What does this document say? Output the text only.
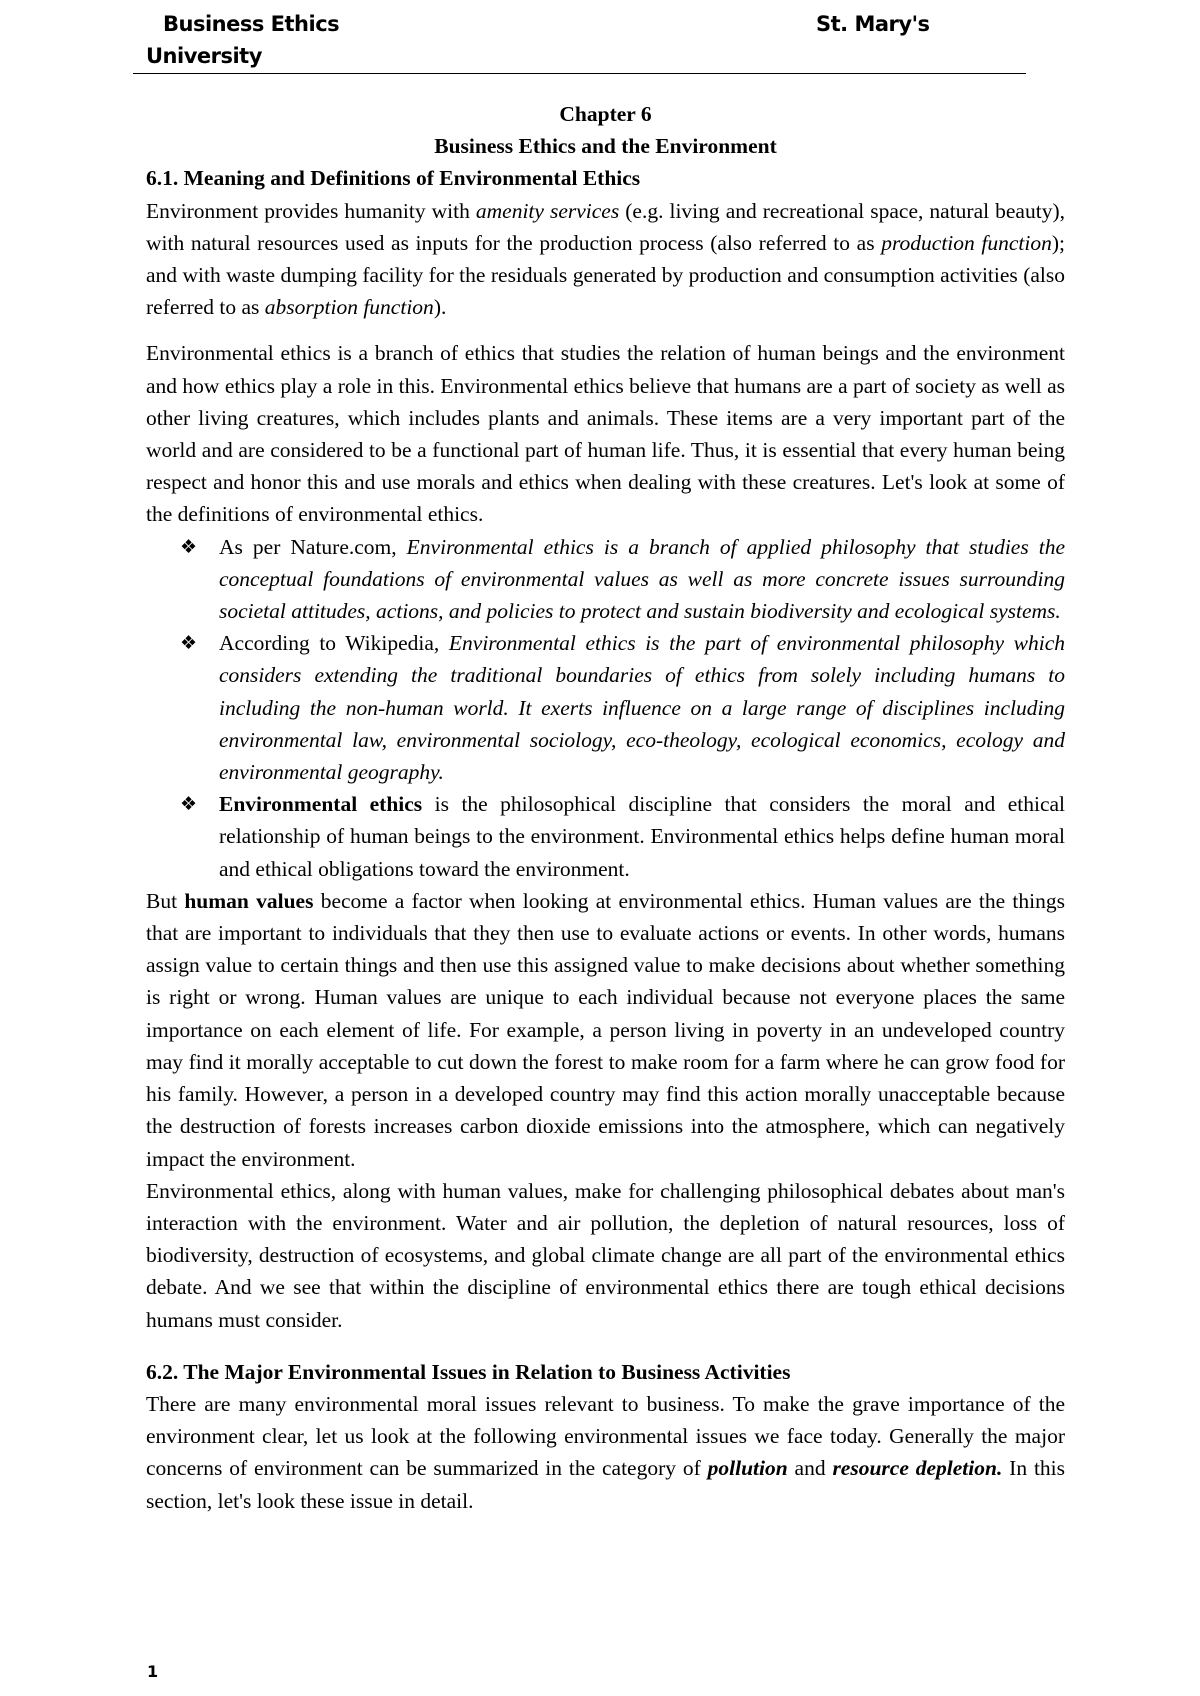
Business Ethics	St. Mary's
University
Chapter 6
Business Ethics and the Environment
6.1. Meaning and Definitions of Environmental Ethics

Environment provides humanity with amenity services (e.g. living and recreational space, natural beauty), with natural resources used as inputs for the production process (also referred to as production function); and with waste dumping facility for the residuals generated by production and consumption activities (also referred to as absorption function).

Environmental ethics is a branch of ethics that studies the relation of human beings and the environment and how ethics play a role in this. Environmental ethics believe that humans are a part of society as well as other living creatures, which includes plants and animals. These items are a very important part of the world and are considered to be a functional part of human life. Thus, it is essential that every human being respect and honor this and use morals and ethics when dealing with these creatures. Let's look at some of the definitions of environmental ethics.

❖ As per Nature.com, Environmental ethics is a branch of applied philosophy that studies the conceptual foundations of environmental values as well as more concrete issues surrounding societal attitudes, actions, and policies to protect and sustain biodiversity and ecological systems.
❖ According to Wikipedia, Environmental ethics is the part of environmental philosophy which considers extending the traditional boundaries of ethics from solely including humans to including the non-human world. It exerts influence on a large range of disciplines including environmental law, environmental sociology, eco-theology, ecological economics, ecology and environmental geography.
❖ Environmental ethics is the philosophical discipline that considers the moral and ethical relationship of human beings to the environment. Environmental ethics helps define human moral and ethical obligations toward the environment.

But human values become a factor when looking at environmental ethics. Human values are the things that are important to individuals that they then use to evaluate actions or events. In other words, humans assign value to certain things and then use this assigned value to make decisions about whether something is right or wrong. Human values are unique to each individual because not everyone places the same importance on each element of life. For example, a person living in poverty in an undeveloped country may find it morally acceptable to cut down the forest to make room for a farm where he can grow food for his family. However, a person in a developed country may find this action morally unacceptable because the destruction of forests increases carbon dioxide emissions into the atmosphere, which can negatively impact the environment.

Environmental ethics, along with human values, make for challenging philosophical debates about man's interaction with the environment. Water and air pollution, the depletion of natural resources, loss of biodiversity, destruction of ecosystems, and global climate change are all part of the environmental ethics debate. And we see that within the discipline of environmental ethics there are tough ethical decisions humans must consider.

6.2. The Major Environmental Issues in Relation to Business Activities

There are many environmental moral issues relevant to business. To make the grave importance of the environment clear, let us look at the following environmental issues we face today. Generally the major concerns of environment can be summarized in the category of pollution and resource depletion. In this section, let's look these issue in detail.

1
